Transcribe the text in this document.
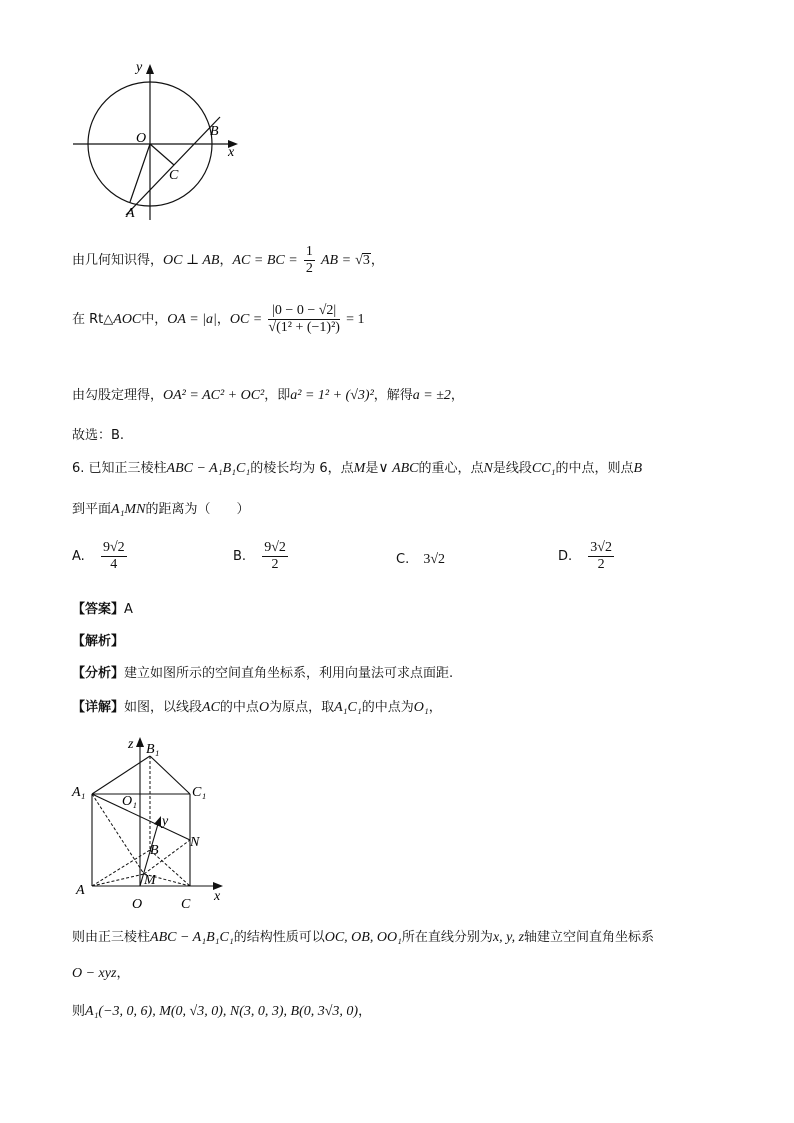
y
x
O	B
C
A
由几何知识得，OC ⊥ AB，AC = BC = $\frac{1}{2}$ AB = √3，
在 Rt△AOC中，OA = |a|，OC = $\frac{|0 - 0 - √2|}{\text{√(1² + (−1)²)}} = 1$
由勾股定理得，OA² = AC² + OC²，即a² = 1² + (√3)²，解得a = ±2，
故选：B.
6. 已知正三棱柱ABC − A₁B₁C₁的棱长均为 6，点M是∨ ABC的重心，点N是线段CC₁的中点，则点B
到平面A₁MN的距离为（　　）
A. $\frac{9√2}{4}$	B. $\frac{9√2}{2}$	C. 3√2	D. $\frac{3√2}{2}$
【答案】A
【解析】
【分析】建立如图所示的空间直角坐标系，利用向量法可求点面距.
【详解】如图，以线段AC的中点O为原点，取A₁C₁的中点为O₁，
z B₁
A₁	C₁
O₁
y
N
B
M
A
O	C
x
则由正三棱柱ABC − A₁B₁C₁的结构性质可以OC, OB, OO₁所在直线分别为x, y, z轴建立空间直角坐标系
O − xyz，
则A₁(−3, 0, 6), M(0, √3, 0), N(3, 0, 3), B(0, 3√3, 0)，
